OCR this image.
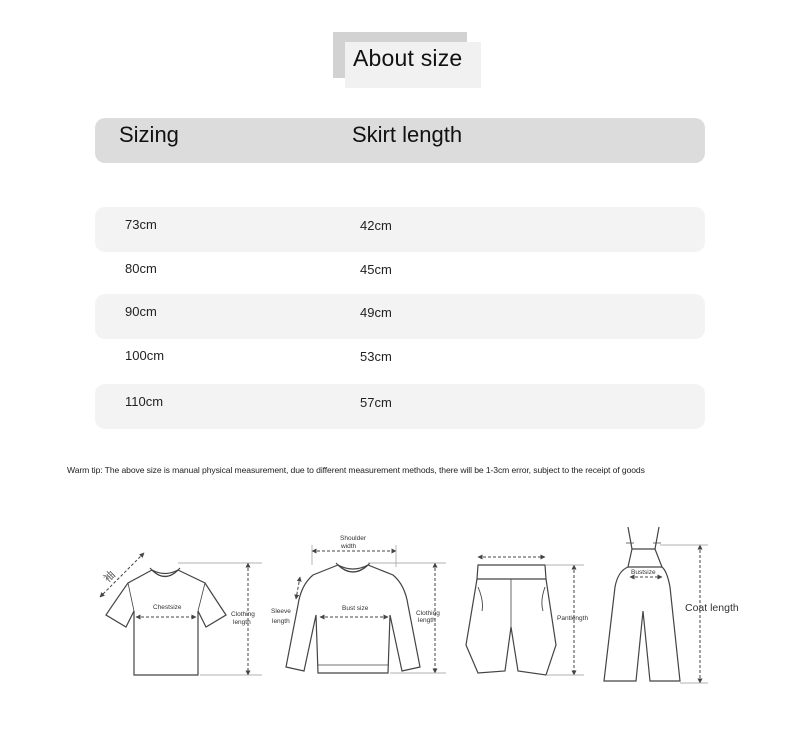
About size
Sizing	Skirt length
73cm	42cm
80cm	45cm
90cm	49cm
100cm	53cm
110cm	57cm
Warm tip: The above size is manual physical measurement, due to different measurement methods, there will be 1-3cm error, subject to the receipt of goods
袖
Chestsize
Clothing
length
Shoulder
width
Bust size
Sleeve
length
Clothing
length	Pantlength
Bustsize
Coat length
